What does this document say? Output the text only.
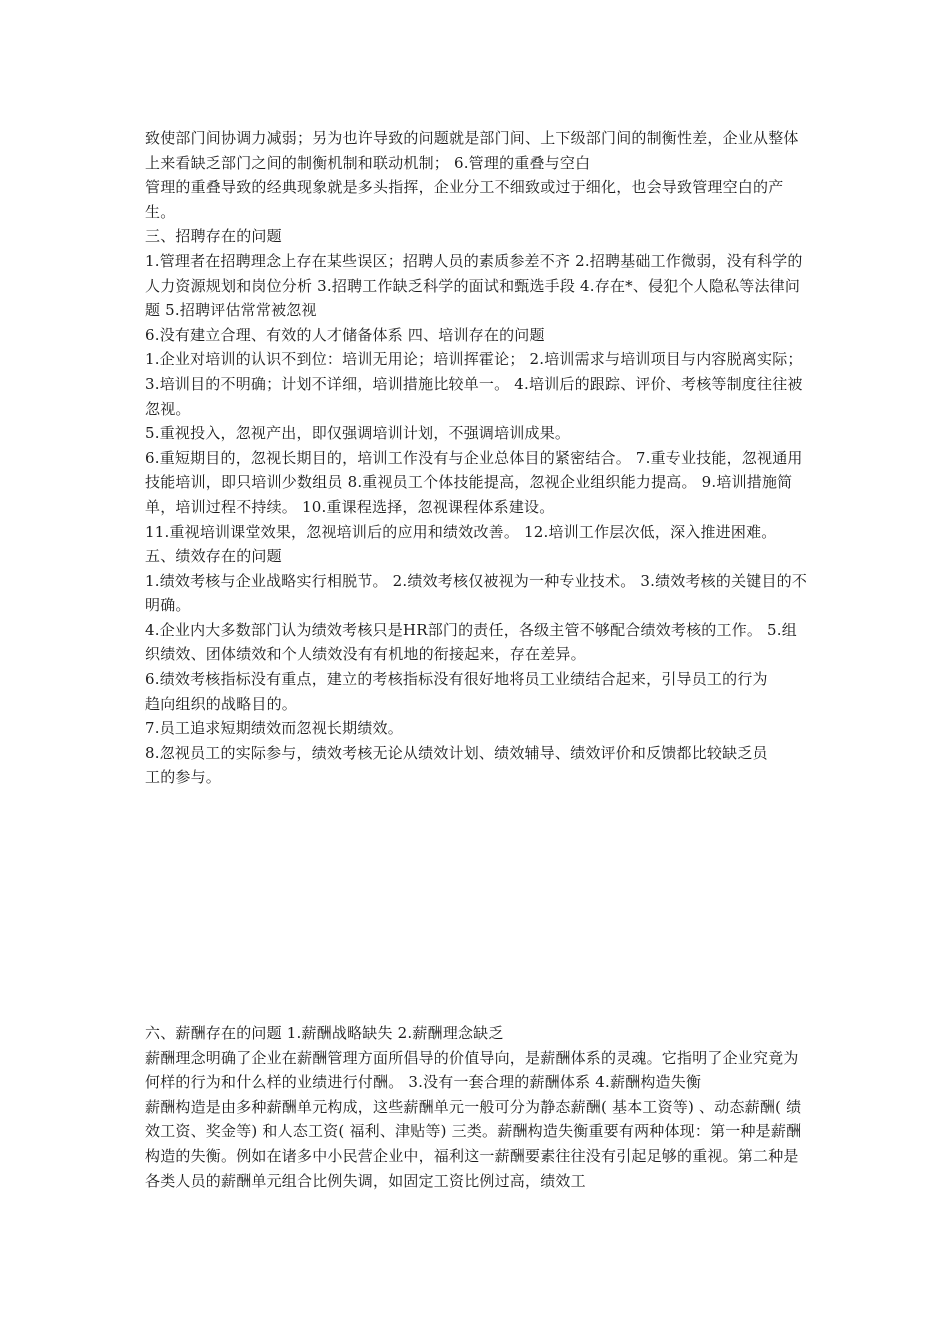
致使部门间协调力减弱；另为也许导致的问题就是部门间、上下级部门间的制衡性差，企业从整体上来看缺乏部门之间的制衡机制和联动机制； 6.管理的重叠与空白

管理的重叠导致的经典现象就是多头指挥，企业分工不细致或过于细化，也会导致管理空白的产生。

三、招聘存在的问题

1.管理者在招聘理念上存在某些误区；招聘人员的素质参差不齐 2.招聘基础工作微弱，没有科学的人力资源规划和岗位分析 3.招聘工作缺乏科学的面试和甄选手段 4.存在*、侵犯个人隐私等法律问题 5.招聘评估常常被忽视

6.没有建立合理、有效的人才储备体系 四、培训存在的问题

1.企业对培训的认识不到位：培训无用论；培训挥霍论； 2.培训需求与培训项目与内容脱离实际；

3.培训目的不明确；计划不详细，培训措施比较单一。 4.培训后的跟踪、评价、考核等制度往往被忽视。

5.重视投入，忽视产出，即仅强调培训计划，不强调培训成果。

6.重短期目的，忽视长期目的，培训工作没有与企业总体目的紧密结合。 7.重专业技能，忽视通用技能培训，即只培训少数组员 8.重视员工个体技能提高，忽视企业组织能力提高。 9.培训措施简单，培训过程不持续。 10.重课程选择，忽视课程体系建设。

11.重视培训课堂效果，忽视培训后的应用和绩效改善。 12.培训工作层次低，深入推进困难。 五、绩效存在的问题

1.绩效考核与企业战略实行相脱节。 2.绩效考核仅被视为一种专业技术。 3.绩效考核的关键目的不明确。

4.企业内大多数部门认为绩效考核只是HR部门的责任，各级主管不够配合绩效考核的工作。 5.组织绩效、团体绩效和个人绩效没有有机地的衔接起来，存在差异。

6.绩效考核指标没有重点，建立的考核指标没有很好地将员工业绩结合起来，引导员工的行为

趋向组织的战略目的。

7.员工追求短期绩效而忽视长期绩效。

8.忽视员工的实际参与，绩效考核无论从绩效计划、绩效辅导、绩效评价和反馈都比较缺乏员

工的参与。

六、薪酬存在的问题 1.薪酬战略缺失 2.薪酬理念缺乏

薪酬理念明确了企业在薪酬管理方面所倡导的价值导向，是薪酬体系的灵魂。它指明了企业究竟为何样的行为和什么样的业绩进行付酬。 3.没有一套合理的薪酬体系 4.薪酬构造失衡

薪酬构造是由多种薪酬单元构成，这些薪酬单元一般可分为静态薪酬( 基本工资等) 、动态薪酬( 绩效工资、奖金等) 和人态工资( 福利、津贴等) 三类。薪酬构造失衡重要有两种体现：第一种是薪酬构造的失衡。例如在诸多中小民营企业中，福利这一薪酬要素往往没有引起足够的重视。第二种是各类人员的薪酬单元组合比例失调，如固定工资比例过高，绩效工
